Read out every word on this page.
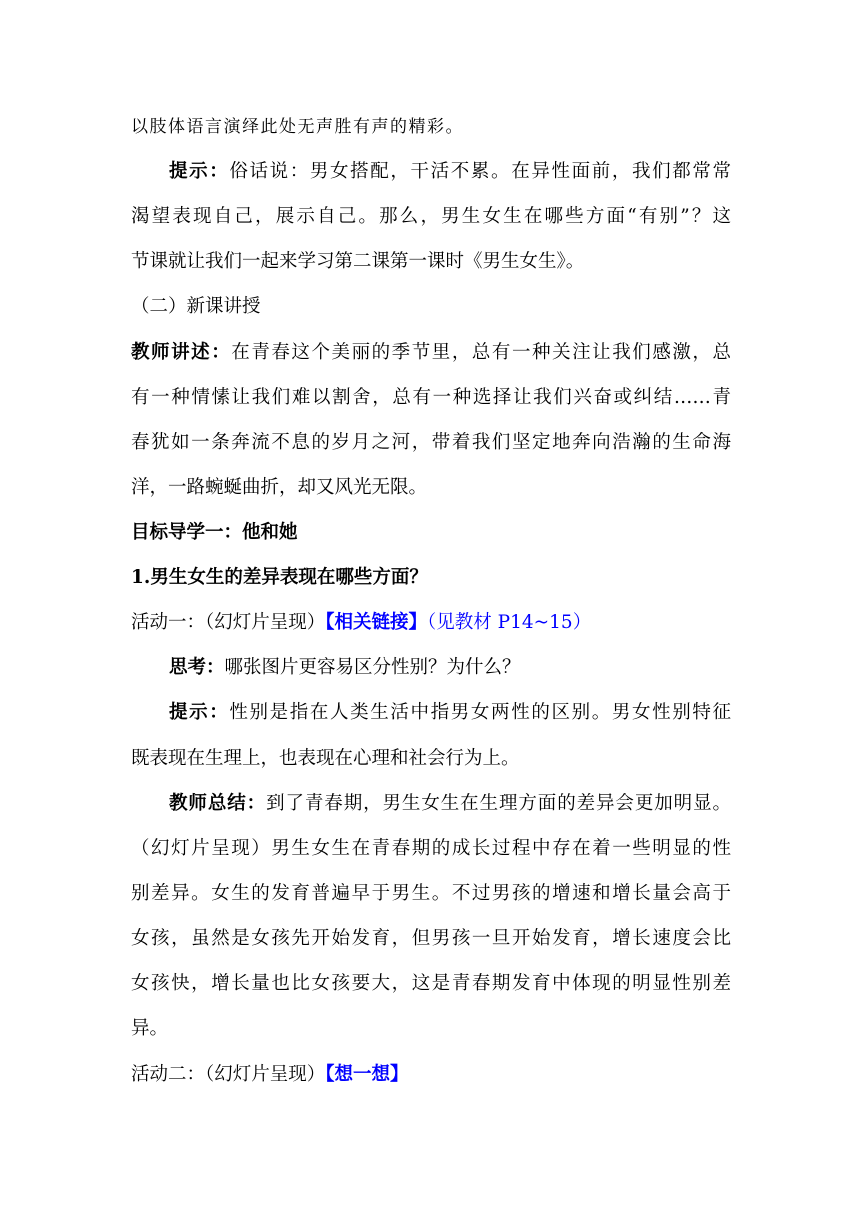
以肢体语言演绎此处无声胜有声的精彩。
提示：俗话说：男女搭配，干活不累。在异性面前，我们都常常
渴望表现自己，展示自己。那么，男生女生在哪些方面“有别”？这
节课就让我们一起来学习第二课第一课时《男生女生》。
（二）新课讲授
教师讲述：在青春这个美丽的季节里，总有一种关注让我们感激，总
有一种情愫让我们难以割舍，总有一种选择让我们兴奋或纠结……青
春犹如一条奔流不息的岁月之河，带着我们坚定地奔向浩瀚的生命海
洋，一路蜿蜒曲折，却又风光无限。
目标导学一：他和她
1.男生女生的差异表现在哪些方面？
活动一：（幻灯片呈现）【相关链接】（见教材 P14~15）
思考：哪张图片更容易区分性别？为什么？
提示：性别是指在人类生活中指男女两性的区别。男女性别特征
既表现在生理上，也表现在心理和社会行为上。
教师总结：到了青春期，男生女生在生理方面的差异会更加明显。
（幻灯片呈现）男生女生在青春期的成长过程中存在着一些明显的性
别差异。女生的发育普遍早于男生。不过男孩的增速和增长量会高于
女孩，虽然是女孩先开始发育，但男孩一旦开始发育，增长速度会比
女孩快，增长量也比女孩要大，这是青春期发育中体现的明显性别差
异。
活动二：（幻灯片呈现）【想一想】
